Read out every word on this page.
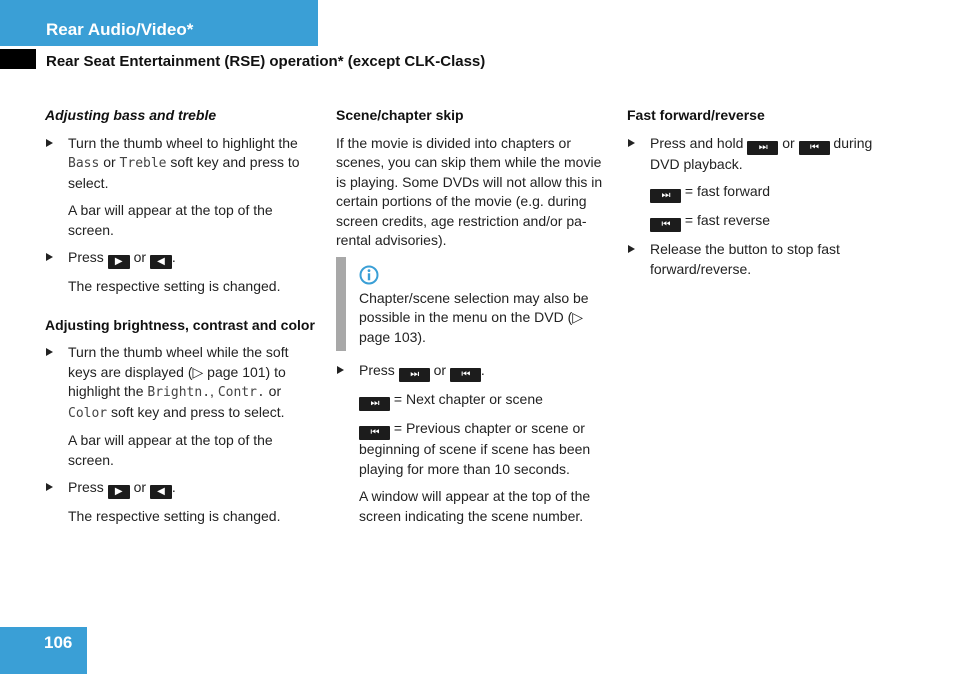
Rear Audio/Video*
Rear Seat Entertainment (RSE) operation* (except CLK-Class)
Adjusting bass and treble
Turn the thumb wheel to highlight the Bass or Treble soft key and press to select.
A bar will appear at the top of the screen.
Press ▶ or ◀ .
The respective setting is changed.
Adjusting brightness, contrast and color
Turn the thumb wheel while the soft keys are displayed (▷ page 101) to highlight the Brightn., Contr. or Color soft key and press to select.
A bar will appear at the top of the screen.
Press ▶ or ◀ .
The respective setting is changed.
Scene/chapter skip
If the movie is divided into chapters or scenes, you can skip them while the movie is playing. Some DVDs will not allow this in certain portions of the movie (e.g. during screen credits, age restriction and/or pa-rental advisories).
Chapter/scene selection may also be possible in the menu on the DVD (▷ page 103).
Press ⏭ or ⏮ .
⏭ = Next chapter or scene
⏮ = Previous chapter or scene or beginning of scene if scene has been playing for more than 10 seconds.
A window will appear at the top of the screen indicating the scene number.
Fast forward/reverse
Press and hold ⏭ or ⏮ during DVD playback.
⏭ = fast forward
⏮ = fast reverse
Release the button to stop fast forward/reverse.
106
